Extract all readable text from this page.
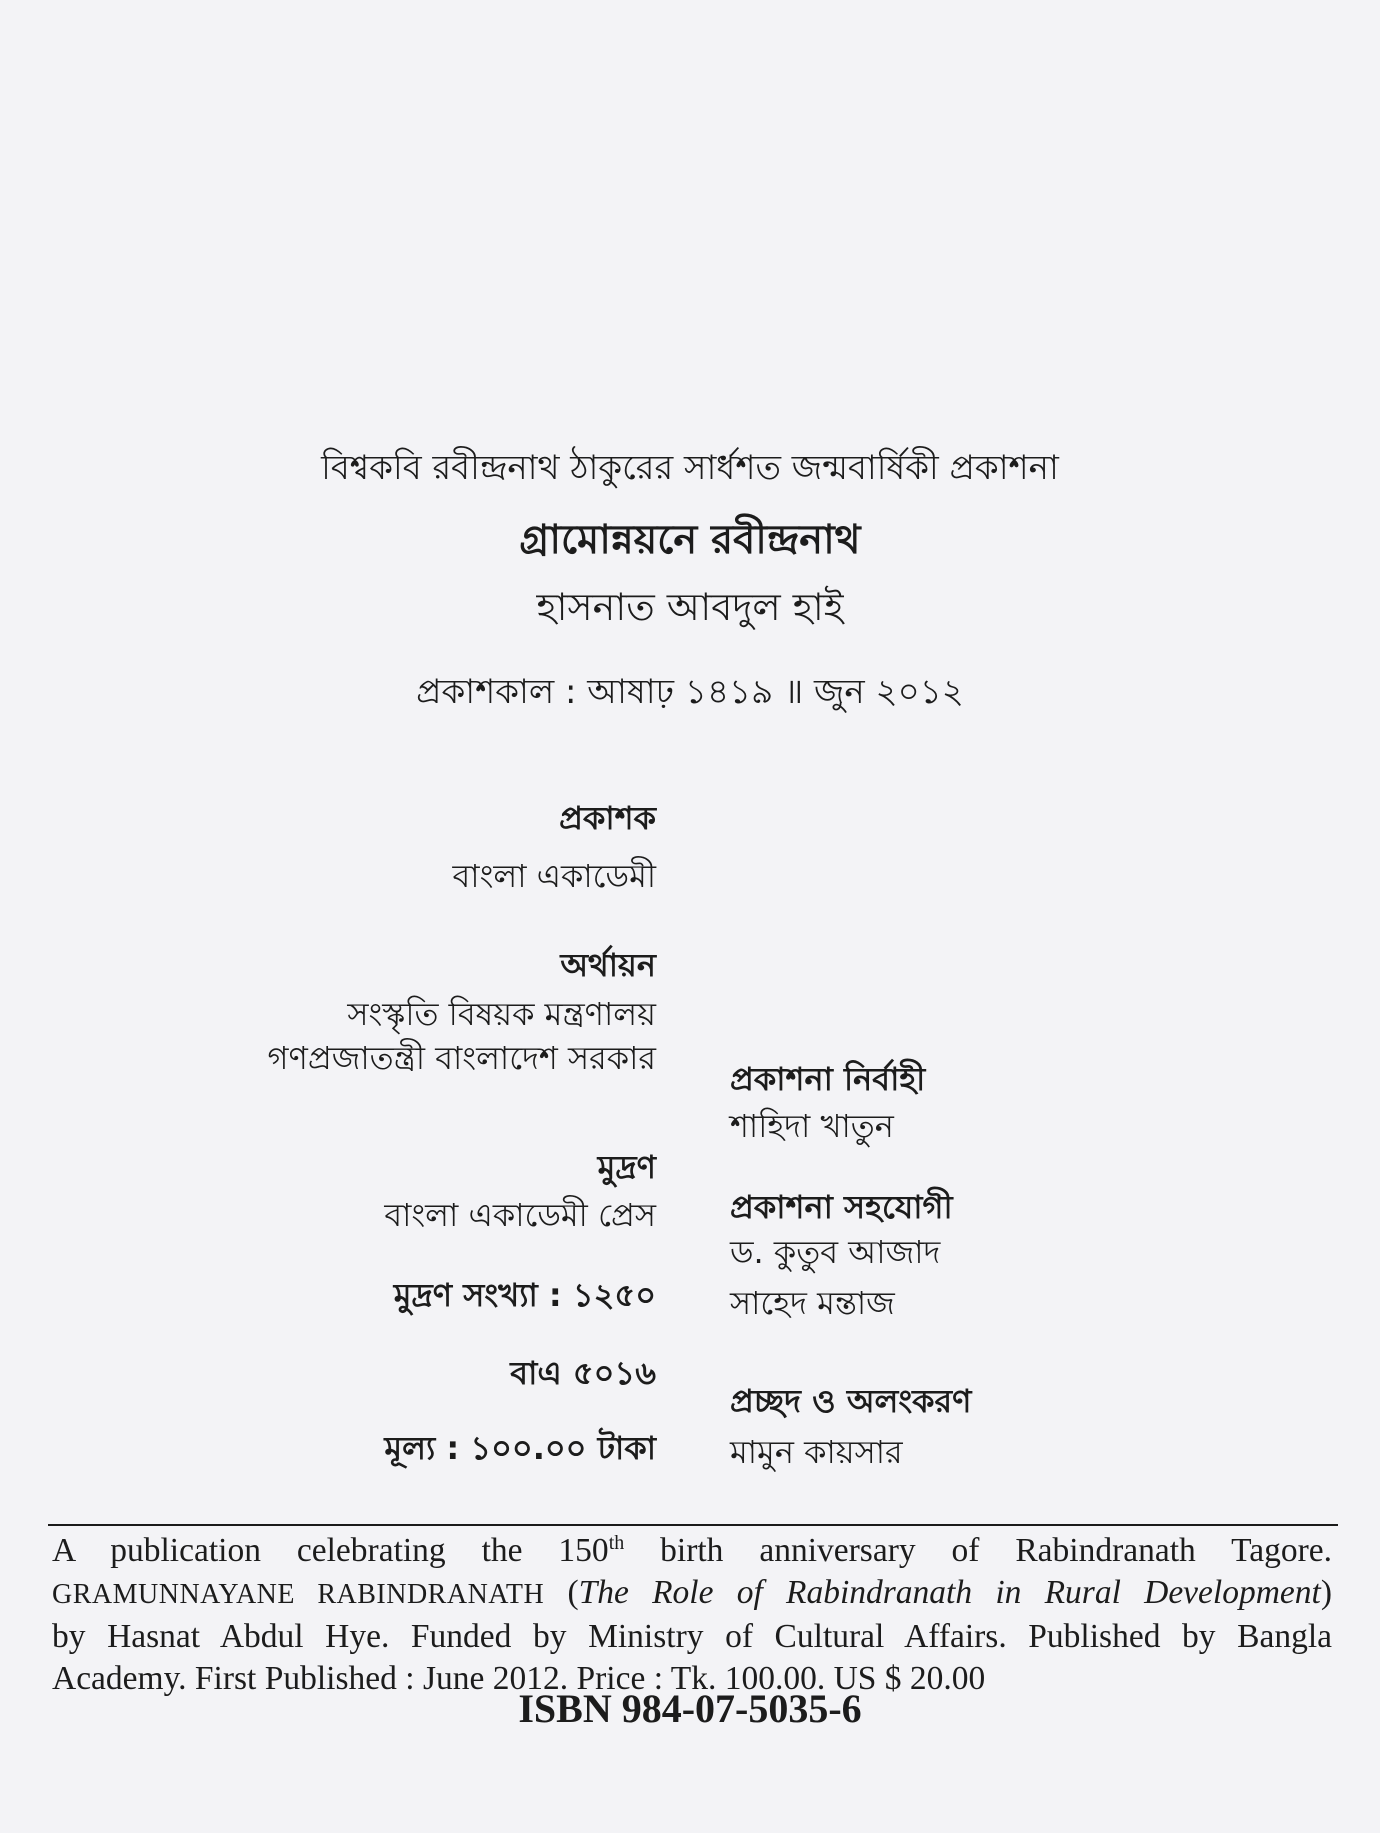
বিশ্বকবি রবীন্দ্রনাথ ঠাকুরের সার্ধশত জন্মবার্ষিকী প্রকাশনা
গ্রামোন্নয়নে রবীন্দ্রনাথ
হাসনাত আবদুল হাই
প্রকাশকাল : আষাঢ় ১৪১৯ ॥ জুন ২০১২
প্রকাশক
বাংলা একাডেমী
অর্থায়ন
সংস্কৃতি বিষয়ক মন্ত্রণালয়
গণপ্রজাতন্ত্রী বাংলাদেশ সরকার
মুদ্রণ
বাংলা একাডেমী প্রেস
মুদ্রণ সংখ্যা : ১২৫০
বাএ ৫০১৬
মূল্য : ১০০.০০ টাকা
প্রকাশনা নির্বাহী
শাহিদা খাতুন
প্রকাশনা সহযোগী
ড. কুতুব আজাদ
সাহেদ মন্তাজ
প্রচ্ছদ ও অলংকরণ
মামুন কায়সার
A publication celebrating the 150th birth anniversary of Rabindranath Tagore.
GRAMUNNAYANE RABINDRANATH (The Role of Rabindranath in Rural Development)
by Hasnat Abdul Hye. Funded by Ministry of Cultural Affairs. Published by Bangla
Academy. First Published : June 2012. Price : Tk. 100.00. US $ 20.00
ISBN 984-07-5035-6
